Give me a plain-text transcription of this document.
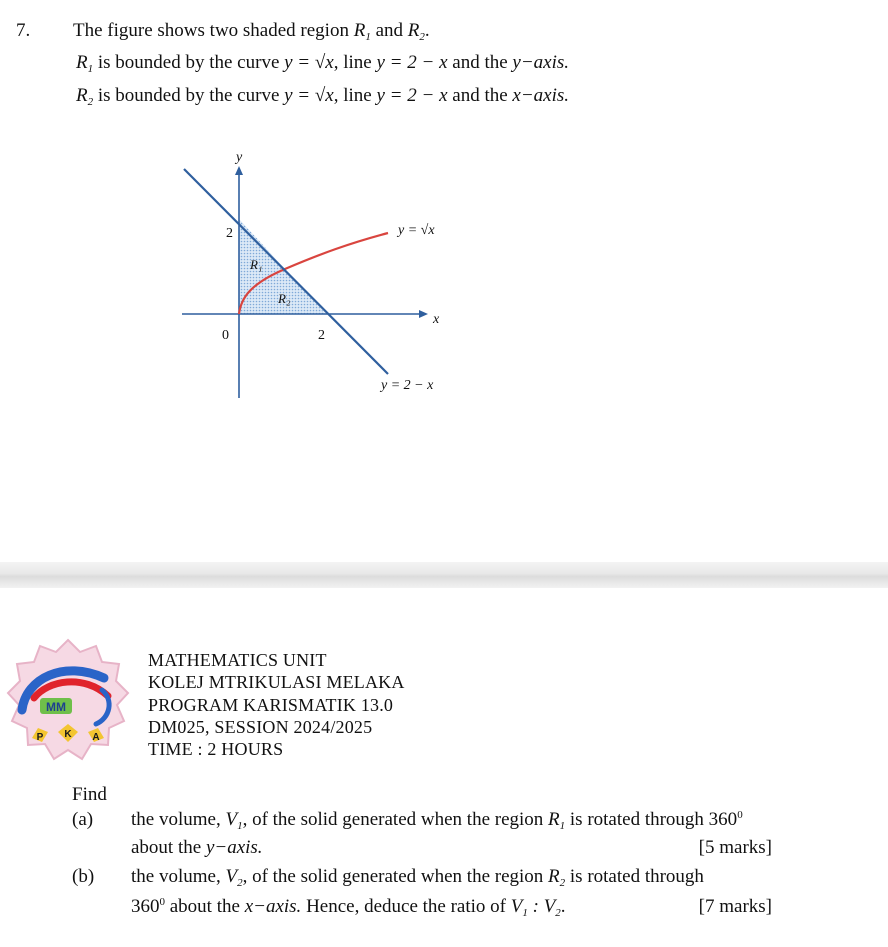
7. The figure shows two shaded region $R_1$ and $R_2$.
$R_1$ is bounded by the curve y = √x, line y = 2 − x and the y−axis.
$R_2$ is bounded by the curve y = √x, line y = 2 − x and the x−axis.
y
x
2
2
0
y = √x
y = 2 − x
R₁
R₂
MM
P K A
MATHEMATICS UNIT
KOLEJ MTRIKULASI MELAKA
PROGRAM KARISMATIK 13.0
DM025, SESSION 2024/2025
TIME : 2 HOURS
Find
(a) the volume, $V_1$, of the solid generated when the region $R_1$ is rotated through $360^0$
about the y−axis.	[5 marks]
(b) the volume, $V_2$, of the solid generated when the region $R_2$ is rotated through
$360^0$ about the x−axis. Hence, deduce the ratio of $V_1$ : $V_2$.	[7 marks]
